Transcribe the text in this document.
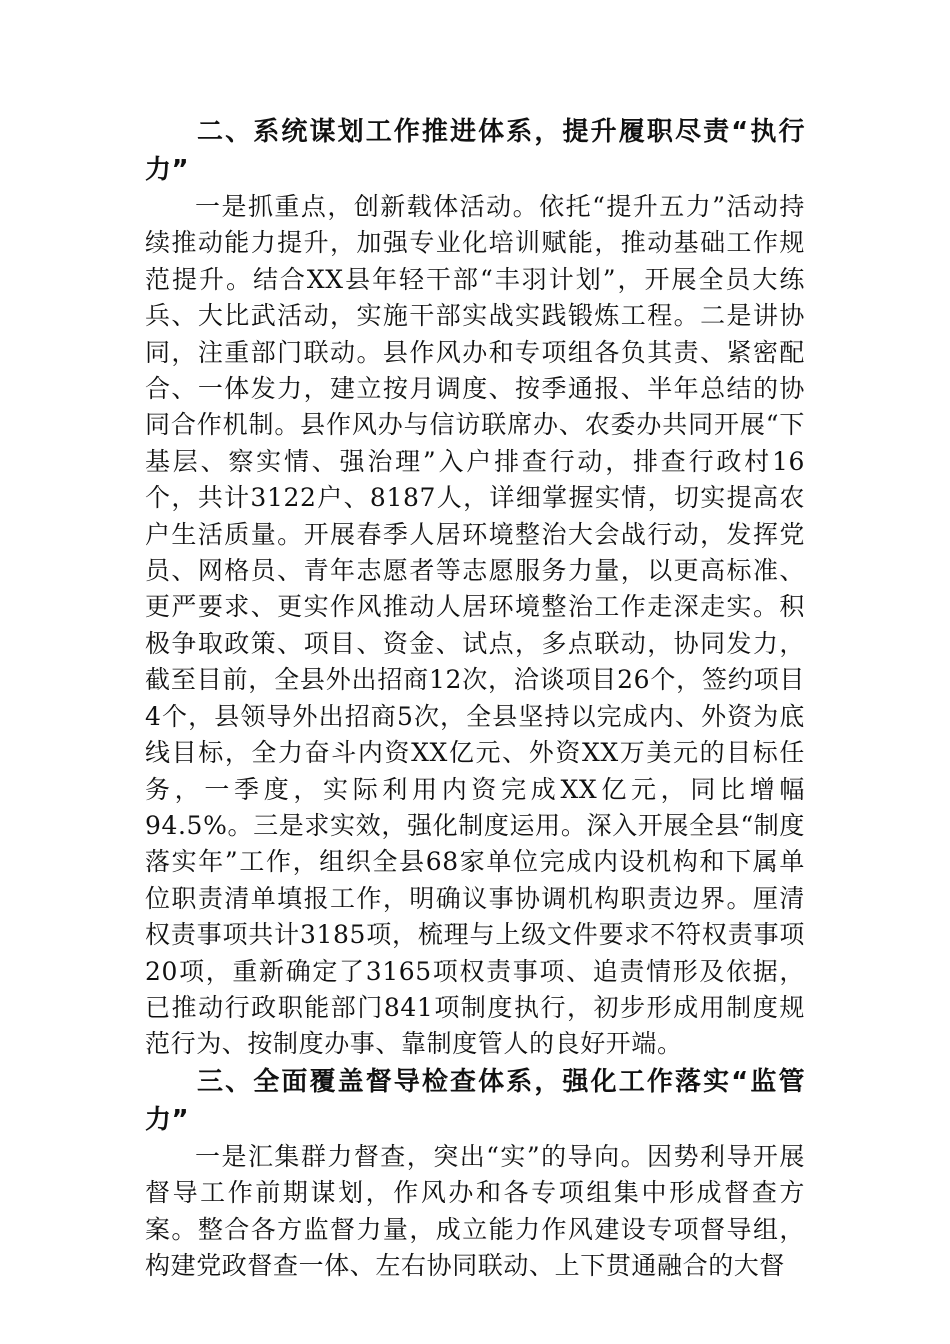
二、系统谋划工作推进体系，提升履职尽责“执行力”

一是抓重点，创新载体活动。依托“提升五力”活动持续推动能力提升，加强专业化培训赋能，推动基础工作规范提升。结合XX县年轻干部“丰羽计划”，开展全员大练兵、大比武活动，实施干部实战实践锻炼工程。二是讲协同，注重部门联动。县作风办和专项组各负其责、紧密配合、一体发力，建立按月调度、按季通报、半年总结的协同合作机制。县作风办与信访联席办、农委办共同开展“下基层、察实情、强治理”入户排查行动，排查行政村16个，共计3122户、8187人，详细掌握实情，切实提高农户生活质量。开展春季人居环境整治大会战行动，发挥党员、网格员、青年志愿者等志愿服务力量，以更高标准、更严要求、更实作风推动人居环境整治工作走深走实。积极争取政策、项目、资金、试点，多点联动，协同发力，截至目前，全县外出招商12次，洽谈项目26个，签约项目4个，县领导外出招商5次，全县坚持以完成内、外资为底线目标，全力奋斗内资XX亿元、外资XX万美元的目标任务，一季度，实际利用内资完成XX亿元，同比增幅94.5%。三是求实效，强化制度运用。深入开展全县“制度落实年”工作，组织全县68家单位完成内设机构和下属单位职责清单填报工作，明确议事协调机构职责边界。厘清权责事项共计3185项，梳理与上级文件要求不符权责事项20项，重新确定了3165项权责事项、追责情形及依据，已推动行政职能部门841项制度执行，初步形成用制度规范行为、按制度办事、靠制度管人的良好开端。

三、全面覆盖督导检查体系，强化工作落实“监管力”

一是汇集群力督查，突出“实”的导向。因势利导开展督导工作前期谋划，作风办和各专项组集中形成督查方案。整合各方监督力量，成立能力作风建设专项督导组，构建党政督查一体、左右协同联动、上下贯通融合的大督
